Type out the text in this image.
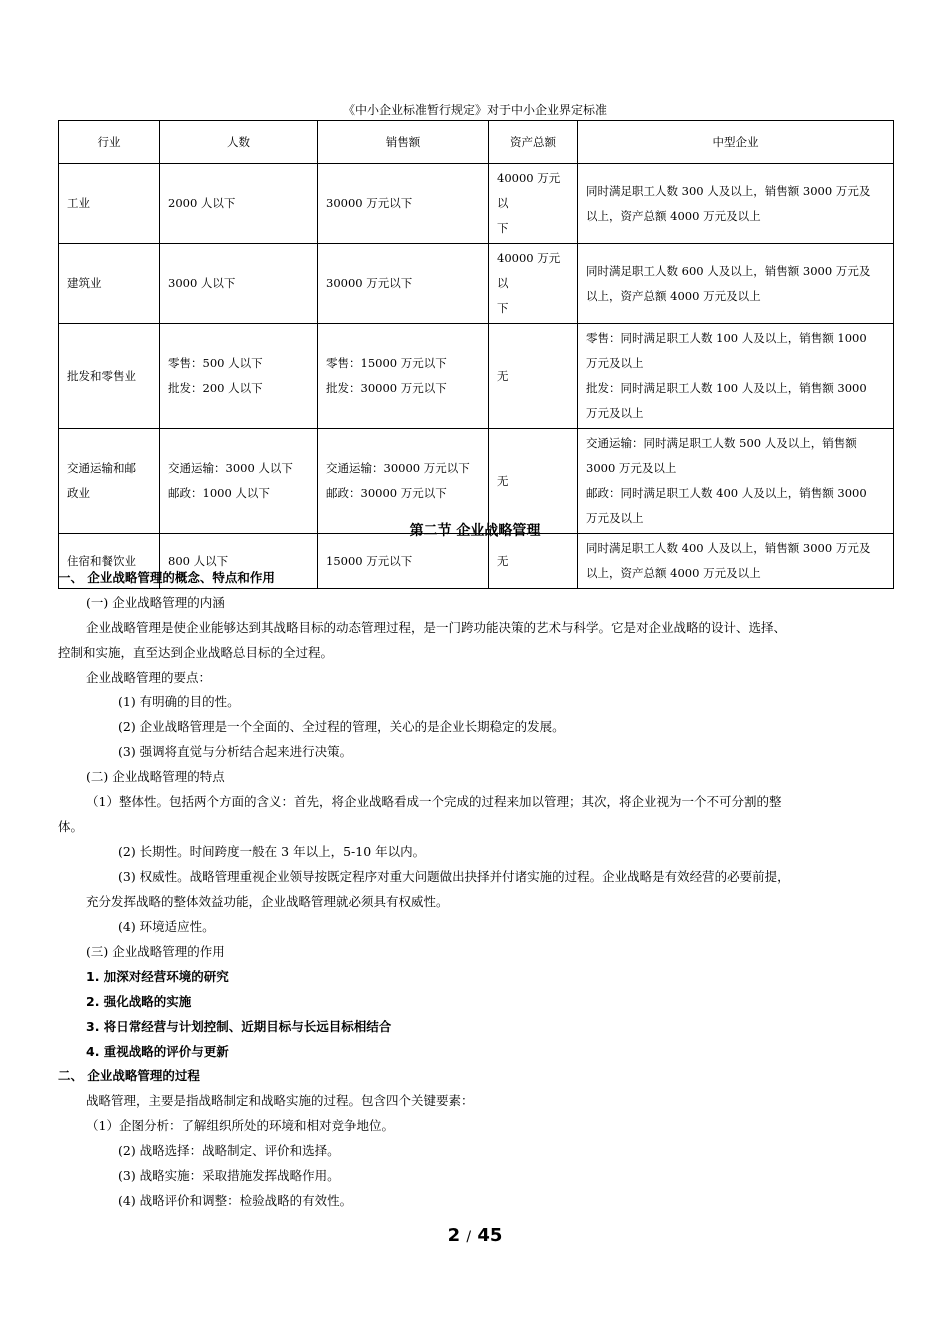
《中小企业标准暂行规定》对于中小企业界定标准
行业	人数	销售额	资产总额	中型企业

工业	2000 人以下	30000 万元以下	40000 万元以
下	同时满足职工人数 300 人及以上，销售额 3000 万元及
以上，资产总额 4000 万元及以上

建筑业	3000 人以下	30000 万元以下	40000 万元以
下	同时满足职工人数 600 人及以上，销售额 3000 万元及
以上，资产总额 4000 万元及以上

批发和零售业	零售：500 人以下
批发：200 人以下	零售：15000 万元以下
批发：30000 万元以下	无	零售：同时满足职工人数 100 人及以上，销售额 1000
万元及以上
批发：同时满足职工人数 100 人及以上，销售额 3000
万元及以上

交通运输和邮
政业	交通运输：3000 人以下
邮政：1000 人以下	交通运输：30000 万元以下
邮政：30000 万元以下	无	交通运输：同时满足职工人数 500 人及以上，销售额
3000 万元及以上
邮政：同时满足职工人数 400 人及以上，销售额 3000
万元及以上

住宿和餐饮业	800 人以下	15000 万元以下	无	同时满足职工人数 400 人及以上，销售额 3000 万元及
以上，资产总额 4000 万元及以上
第二节 企业战略管理
一、 企业战略管理的概念、特点和作用
(一) 企业战略管理的内涵
企业战略管理是使企业能够达到其战略目标的动态管理过程，是一门跨功能决策的艺术与科学。它是对企业战略的设计、选择、
控制和实施，直至达到企业战略总目标的全过程。
企业战略管理的要点：
(1) 有明确的目的性。
(2) 企业战略管理是一个全面的、全过程的管理，关心的是企业长期稳定的发展。
(3) 强调将直觉与分析结合起来进行决策。
(二) 企业战略管理的特点
（1）整体性。包括两个方面的含义：首先，将企业战略看成一个完成的过程来加以管理；其次，将企业视为一个不可分割的整
体。
(2) 长期性。时间跨度一般在 3 年以上，5-10 年以内。
(3) 权威性。战略管理重视企业领导按既定程序对重大问题做出抉择并付诸实施的过程。企业战略是有效经营的必要前提，
充分发挥战略的整体效益功能，企业战略管理就必须具有权威性。
(4) 环境适应性。
(三) 企业战略管理的作用
1. 加深对经营环境的研究
2. 强化战略的实施
3. 将日常经营与计划控制、近期目标与长远目标相结合
4. 重视战略的评价与更新
二、 企业战略管理的过程
战略管理，主要是指战略制定和战略实施的过程。包含四个关键要素：
（1）企图分析：了解组织所处的环境和相对竞争地位。
(2) 战略选择：战略制定、评价和选择。
(3) 战略实施：采取措施发挥战略作用。
(4) 战略评价和调整：检验战略的有效性。
2 / 45
